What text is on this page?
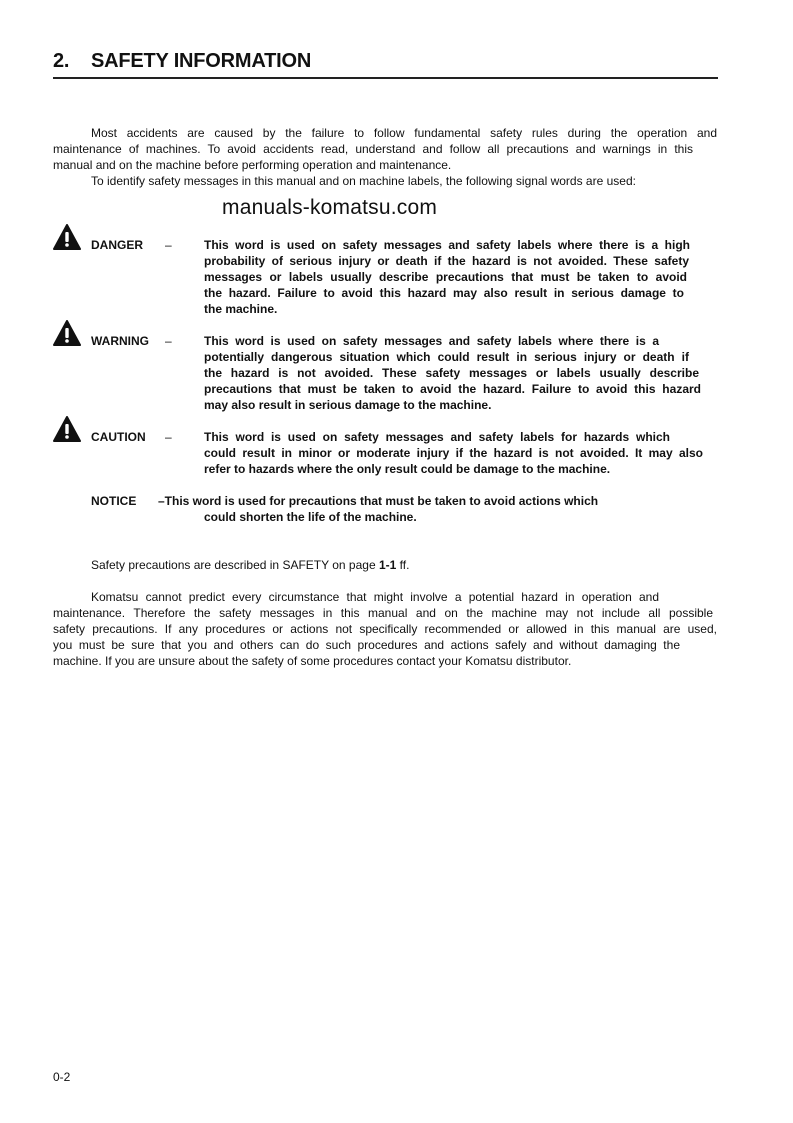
2. SAFETY INFORMATION
Most accidents are caused by the failure to follow fundamental safety rules during the operation and
maintenance of machines. To avoid accidents read, understand and follow all precautions and warnings in this
manual and on the machine before performing operation and maintenance.
To identify safety messages in this manual and on machine labels, the following signal words are used:
DANGER –	This word is used on safety messages and safety labels where there is a high
probability of serious injury or death if the hazard is not avoided. These safety
messages or labels usually describe precautions that must be taken to avoid
the hazard. Failure to avoid this hazard may also result in serious damage to
the machine.
WARNING –	This word is used on safety messages and safety labels where there is a
potentially dangerous situation which could result in serious injury or death if
the hazard is not avoided. These safety messages or labels usually describe
precautions that must be taken to avoid the hazard. Failure to avoid this hazard
may also result in serious damage to the machine.
CAUTION –	This word is used on safety messages and safety labels for hazards which
could result in minor or moderate injury if the hazard is not avoided. It may also
refer to hazards where the only result could be damage to the machine.
NOTICE –This word is used for precautions that must be taken to avoid actions which
could shorten the life of the machine.
Komatsu cannot predict every circumstance that might involve a potential hazard in operation and
maintenance. Therefore the safety messages in this manual and on the machine may not include all possible
safety precautions. If any procedures or actions not specifically recommended or allowed in this manual are used,
you must be sure that you and others can do such procedures and actions safely and without damaging the
machine. If you are unsure about the safety of some procedures contact your Komatsu distributor.
manuals-komatsu.com
Safety precautions are described in SAFETY on page 1-1 ff.
0-2
